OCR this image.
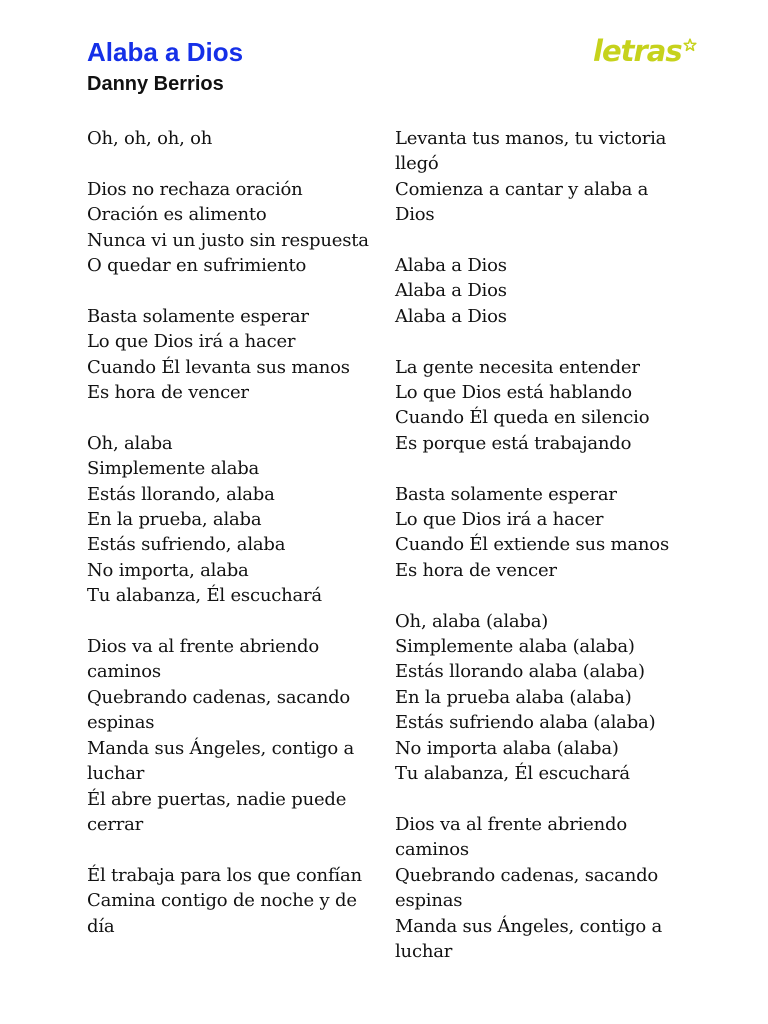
Alaba a Dios
Danny Berrios
letras
Oh, oh, oh, oh
Dios no rechaza oración
Oración es alimento
Nunca vi un justo sin respuesta
O quedar en sufrimiento
Basta solamente esperar
Lo que Dios irá a hacer
Cuando Él levanta sus manos
Es hora de vencer
Oh, alaba
Simplemente alaba
Estás llorando, alaba
En la prueba, alaba
Estás sufriendo, alaba
No importa, alaba
Tu alabanza, Él escuchará
Dios va al frente abriendo caminos
Quebrando cadenas, sacando espinas
Manda sus Ángeles, contigo a luchar
Él abre puertas, nadie puede cerrar
Él trabaja para los que confían
Camina contigo de noche y de día
Levanta tus manos, tu victoria llegó
Comienza a cantar y alaba a Dios
Alaba a Dios
Alaba a Dios
Alaba a Dios
La gente necesita entender
Lo que Dios está hablando
Cuando Él queda en silencio
Es porque está trabajando
Basta solamente esperar
Lo que Dios irá a hacer
Cuando Él extiende sus manos
Es hora de vencer
Oh, alaba (alaba)
Simplemente alaba (alaba)
Estás llorando alaba (alaba)
En la prueba alaba (alaba)
Estás sufriendo alaba (alaba)
No importa alaba (alaba)
Tu alabanza, Él escuchará
Dios va al frente abriendo caminos
Quebrando cadenas, sacando espinas
Manda sus Ángeles, contigo a luchar
